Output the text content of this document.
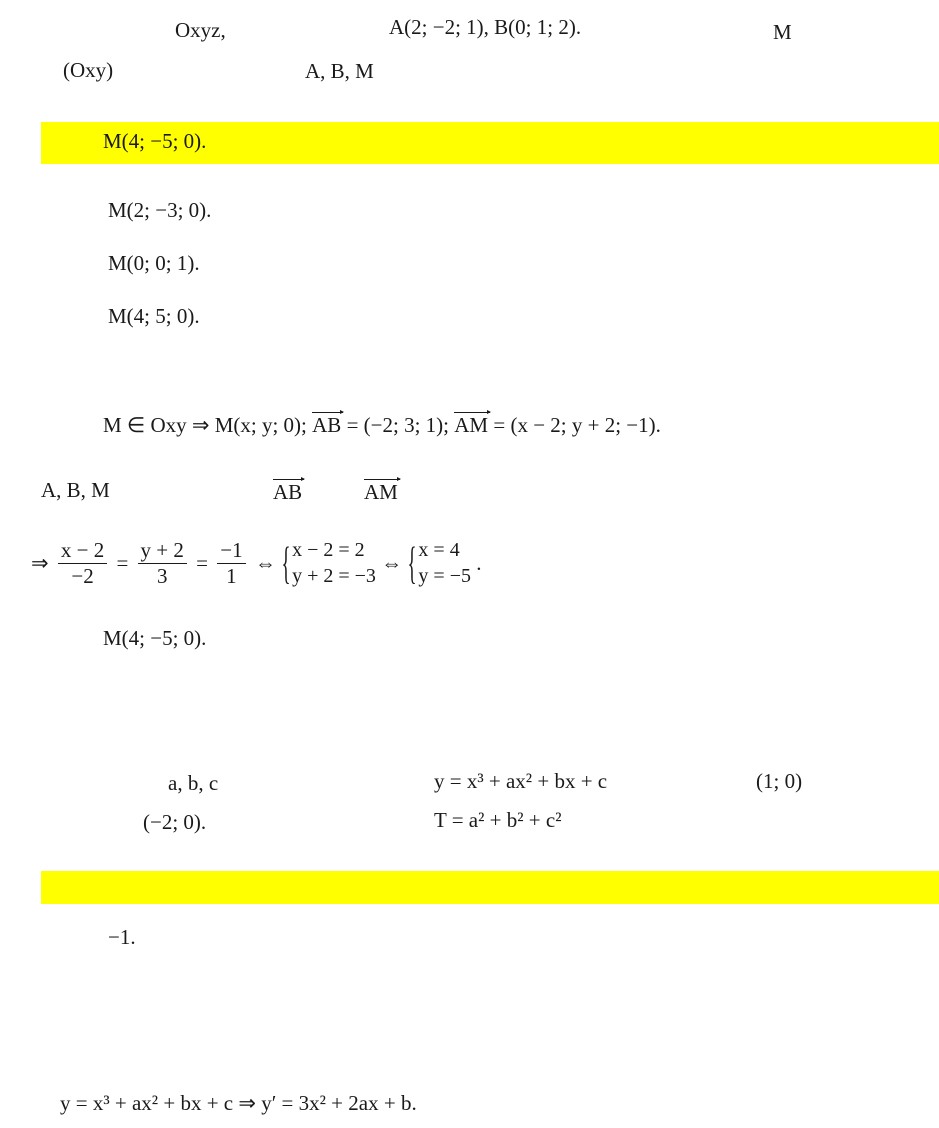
Oxyz,	A(2; −2; 1), B(0; 1; 2).	M
(Oxy)	A, B, M
M(4; −5; 0).
M(2; −3; 0).
M(0; 0; 1).
M(4; 5; 0).
M ∈ Oxy ⇒ M(x; y; 0); AB = (−2; 3; 1); AM = (x − 2; y + 2; −1).
A, B, M	AB	AM
⇒ $\frac{x - 2}{-2} = \frac{y + 2}{3} = \frac{-1}{1}$ ⇔ { x − 2 = 2
y + 2 = −3
⇔ { x = 4
y = −5
.
M(4; −5; 0).
a, b, c	y = x³ + ax² + bx + c	(1; 0)
(−2; 0).	T = a² + b² + c²
−1.
y = x³ + ax² + bx + c ⇒ y′ = 3x² + 2ax + b.
